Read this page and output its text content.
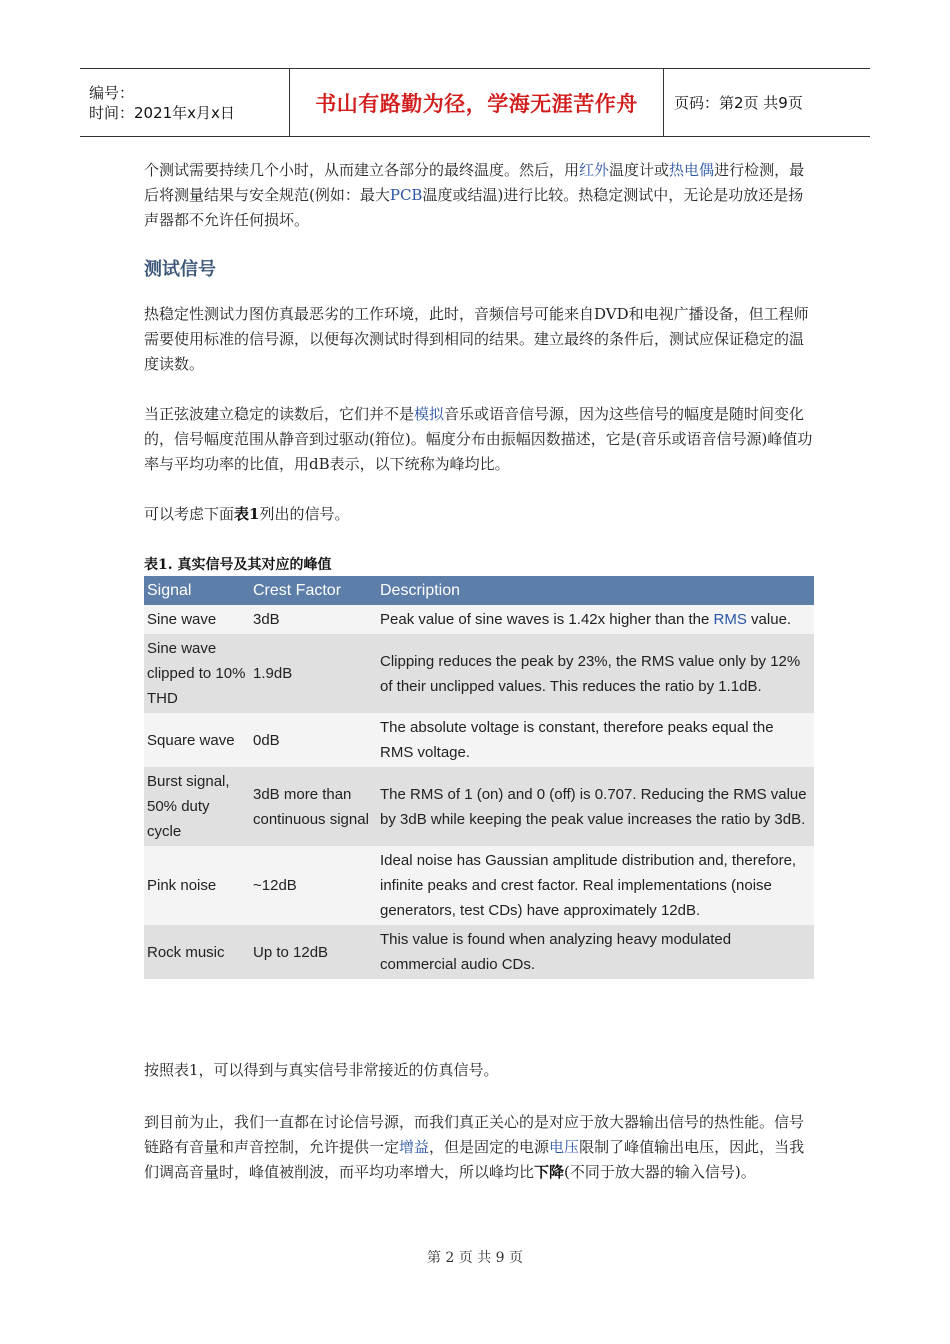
编号：
时间：2021年x月x日	书山有路勤为径，学海无涯苦作舟	页码：第2页 共9页

个测试需要持续几个小时，从而建立各部分的最终温度。然后，用红外温度计或热电偶进行检测，最后将测量结果与安全规范(例如：最大PCB温度或结温)进行比较。热稳定测试中，无论是功放还是扬声器都不允许任何损坏。

测试信号

热稳定性测试力图仿真最恶劣的工作环境，此时，音频信号可能来自DVD和电视广播设备，但工程师需要使用标准的信号源，以便每次测试时得到相同的结果。建立最终的条件后，测试应保证稳定的温度读数。

当正弦波建立稳定的读数后，它们并不是模拟音乐或语音信号源，因为这些信号的幅度是随时间变化的，信号幅度范围从静音到过驱动(箝位)。幅度分布由振幅因数描述，它是(音乐或语音信号源)峰值功率与平均功率的比值，用dB表示，以下统称为峰均比。

可以考虑下面表1列出的信号。

表1. 真实信号及其对应的峰值
Signal	Crest Factor	Description
Sine wave	3dB	Peak value of sine waves is 1.42x higher than the RMS value.
Sine wave clipped to 10% THD	1.9dB	Clipping reduces the peak by 23%, the RMS value only by 12% of their unclipped values. This reduces the ratio by 1.1dB.
Square wave	0dB	The absolute voltage is constant, therefore peaks equal the RMS voltage.
Burst signal, 50% duty cycle	3dB more than continuous signal	The RMS of 1 (on) and 0 (off) is 0.707. Reducing the RMS value by 3dB while keeping the peak value increases the ratio by 3dB.
Pink noise	~12dB	Ideal noise has Gaussian amplitude distribution and, therefore, infinite peaks and crest factor. Real implementations (noise generators, test CDs) have approximately 12dB.
Rock music	Up to 12dB	This value is found when analyzing heavy modulated commercial audio CDs.

按照表1，可以得到与真实信号非常接近的仿真信号。

到目前为止，我们一直都在讨论信号源，而我们真正关心的是对应于放大器输出信号的热性能。信号链路有音量和声音控制，允许提供一定增益，但是固定的电源电压限制了峰值输出电压，因此，当我们调高音量时，峰值被削波，而平均功率增大，所以峰均比下降(不同于放大器的输入信号)。

第 2 页 共 9 页
